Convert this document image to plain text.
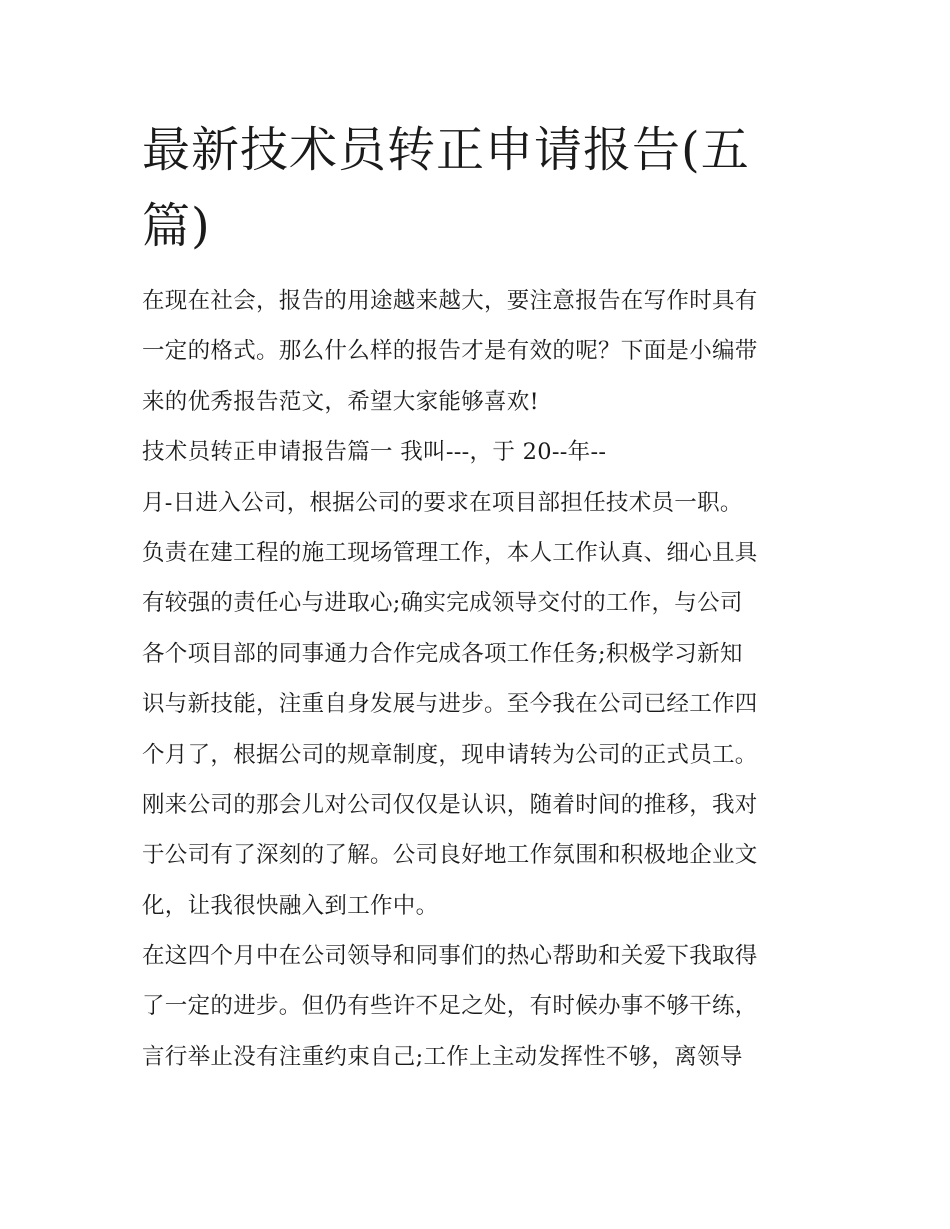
最新技术员转正申请报告(五
篇)
在现在社会，报告的用途越来越大，要注意报告在写作时具有
一定的格式。那么什么样的报告才是有效的呢？下面是小编带
来的优秀报告范文，希望大家能够喜欢!
技术员转正申请报告篇一 我叫---，于 20--年--
月-日进入公司，根据公司的要求在项目部担任技术员一职。
负责在建工程的施工现场管理工作，本人工作认真、细心且具
有较强的责任心与进取心;确实完成领导交付的工作，与公司
各个项目部的同事通力合作完成各项工作任务;积极学习新知
识与新技能，注重自身发展与进步。至今我在公司已经工作四
个月了，根据公司的规章制度，现申请转为公司的正式员工。
刚来公司的那会儿对公司仅仅是认识，随着时间的推移，我对
于公司有了深刻的了解。公司良好地工作氛围和积极地企业文
化，让我很快融入到工作中。
在这四个月中在公司领导和同事们的热心帮助和关爱下我取得
了一定的进步。但仍有些许不足之处，有时候办事不够干练，
言行举止没有注重约束自己;工作上主动发挥性不够，离领导
